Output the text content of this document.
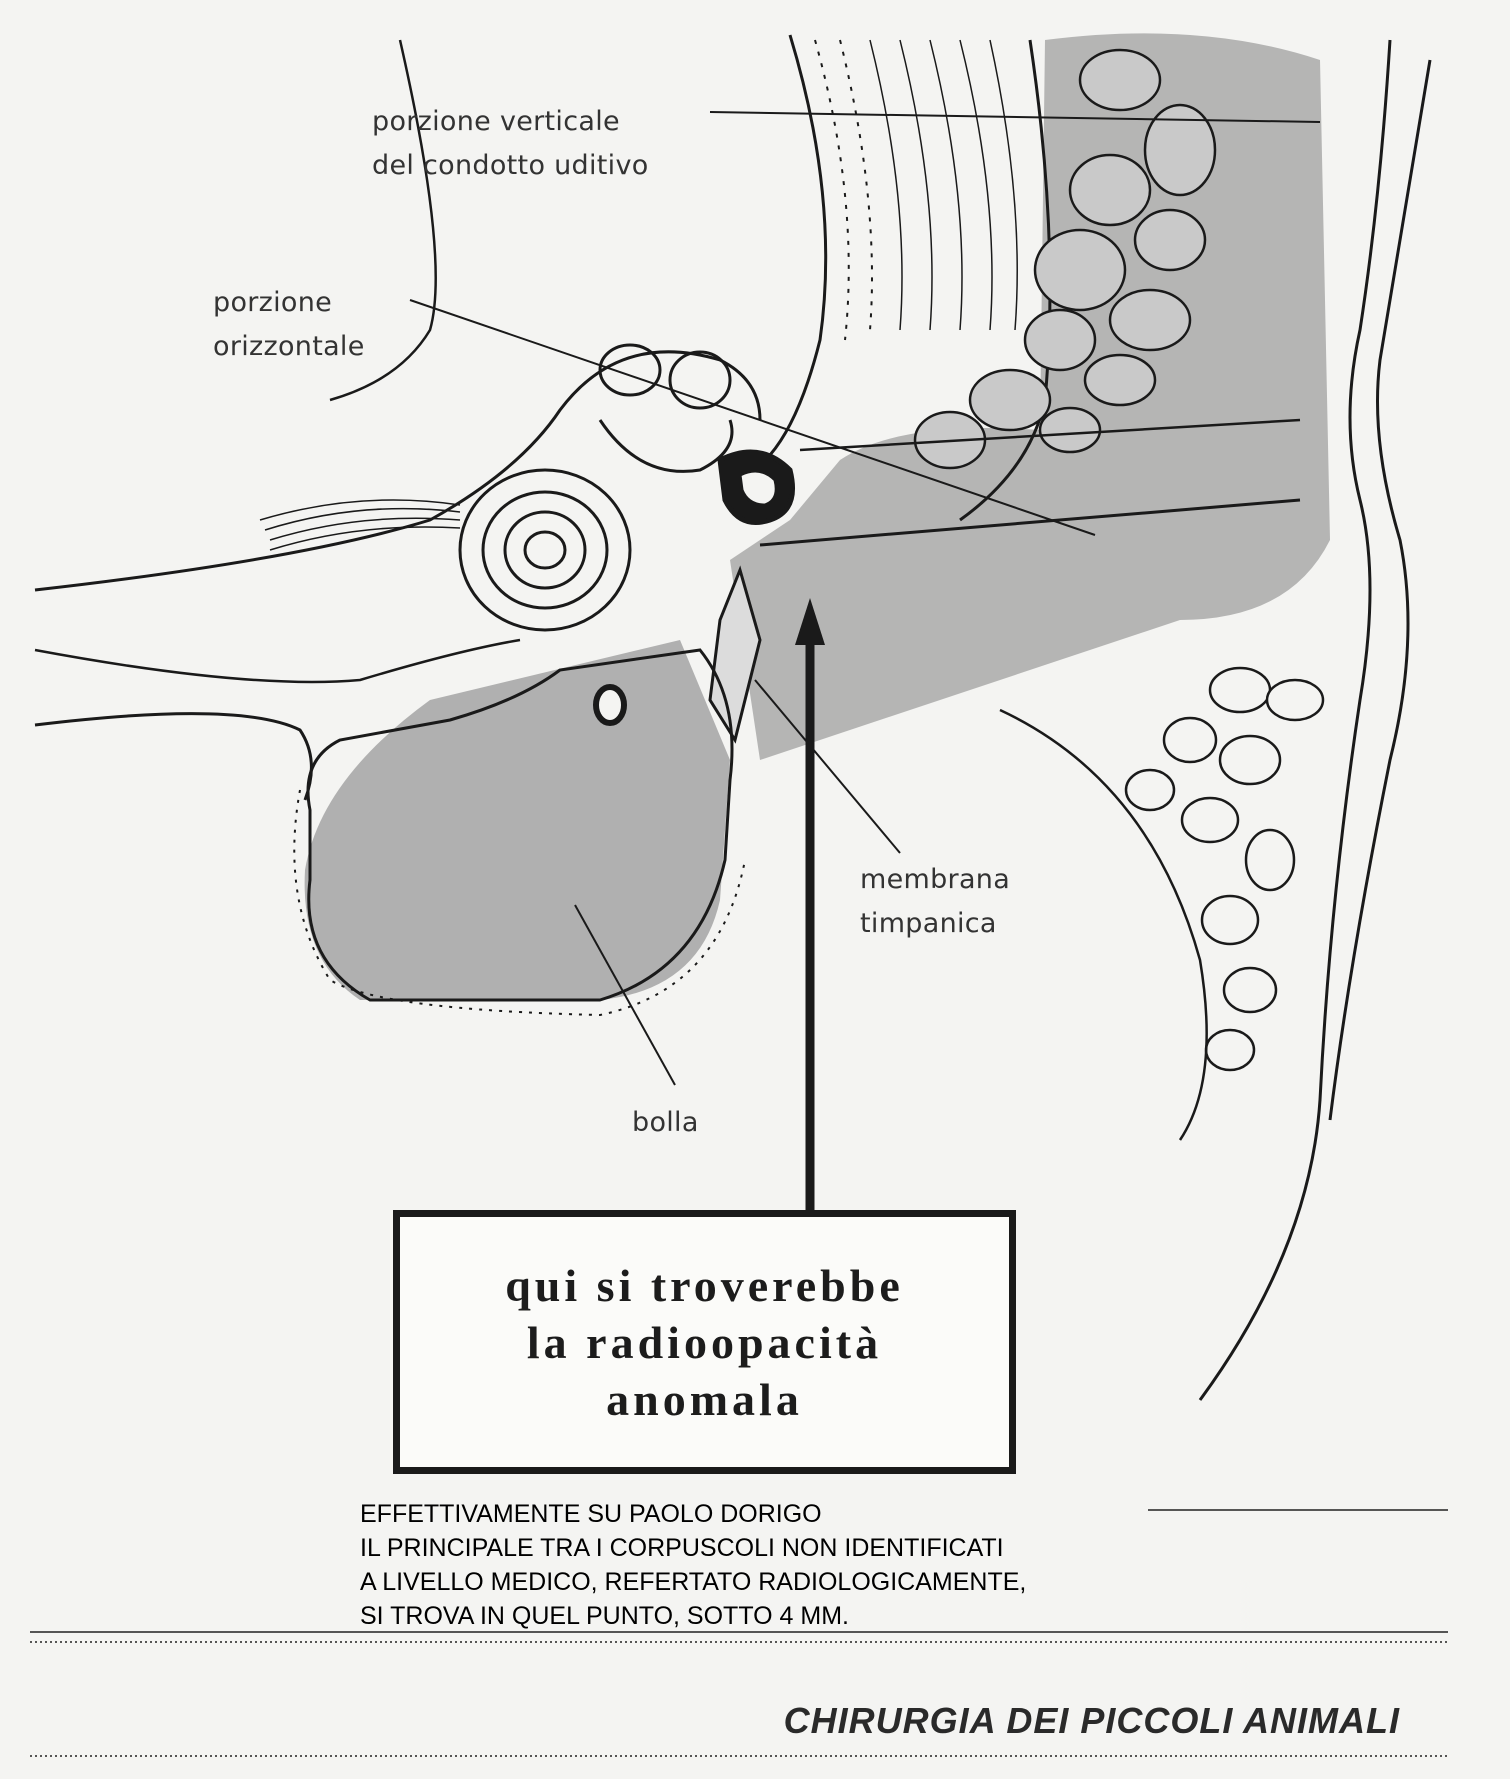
porzione verticale
del condotto uditivo
porzione
orizzontale
membrana
timpanica
bolla
qui si troverebbe
la radioopacità
anomala
EFFETTIVAMENTE SU PAOLO DORIGO
IL PRINCIPALE TRA I CORPUSCOLI NON IDENTIFICATI
A LIVELLO MEDICO, REFERTATO RADIOLOGICAMENTE,
SI TROVA IN QUEL PUNTO, SOTTO 4 MM.
CHIRURGIA DEI PICCOLI ANIMALI
